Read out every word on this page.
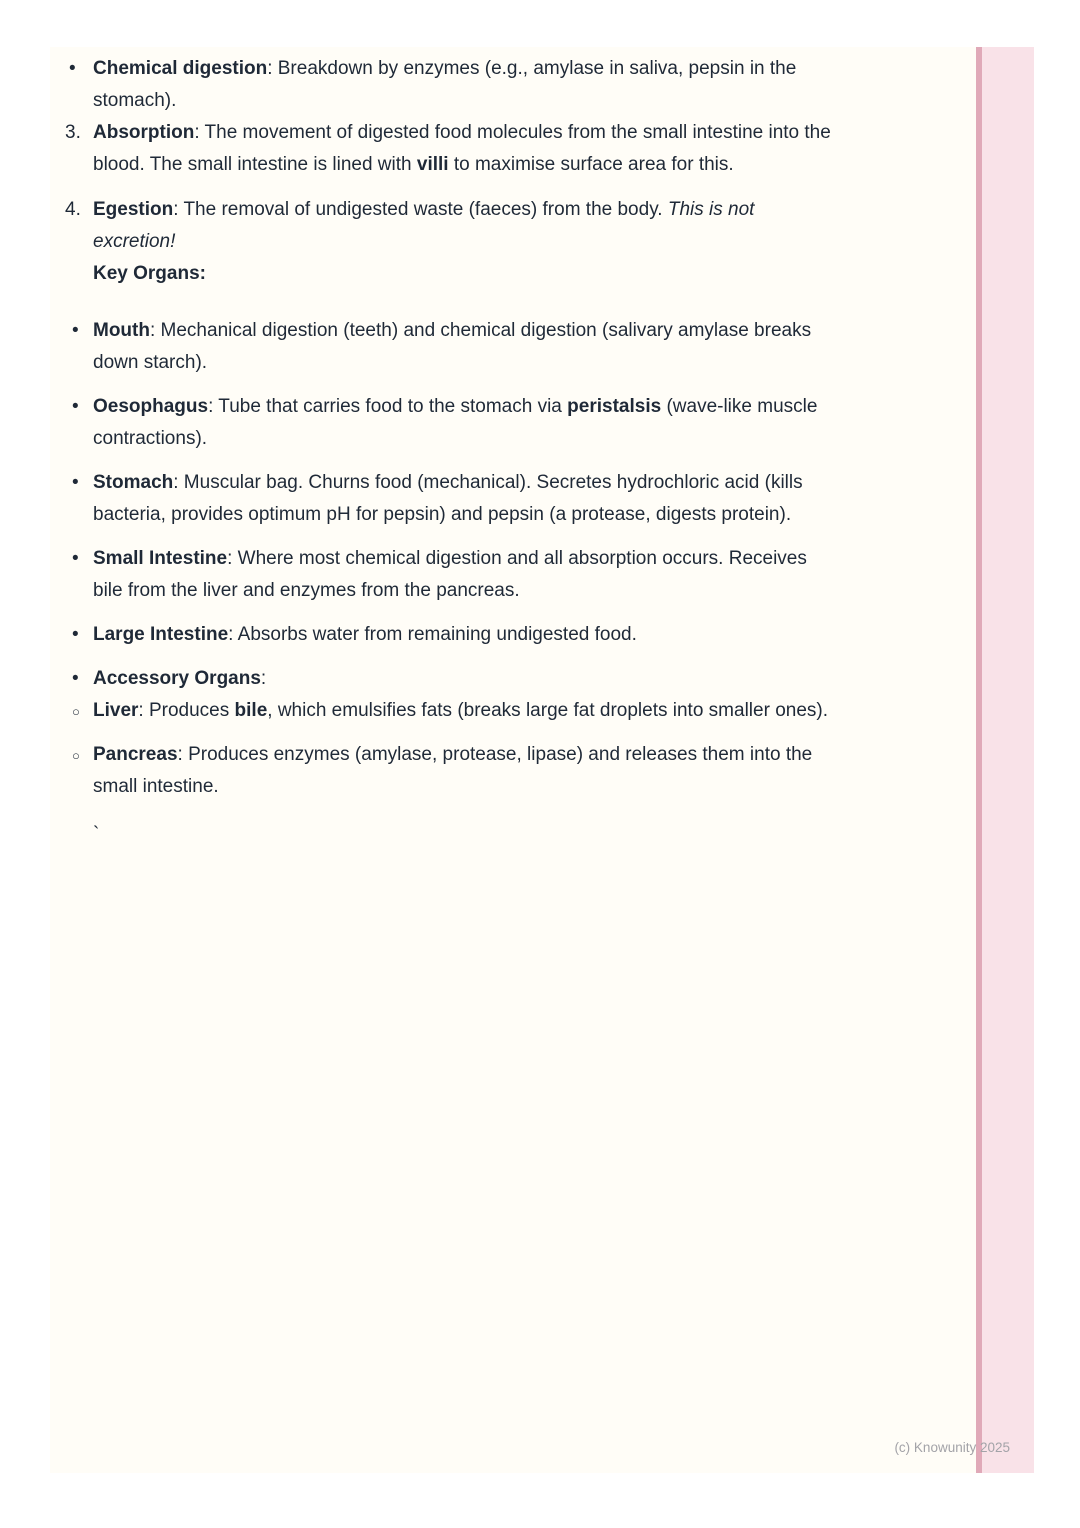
• Chemical digestion: Breakdown by enzymes (e.g., amylase in saliva, pepsin in the stomach).
3. Absorption: The movement of digested food molecules from the small intestine into the blood. The small intestine is lined with villi to maximise surface area for this.
4. Egestion: The removal of undigested waste (faeces) from the body. This is not excretion!
Key Organs:
• Mouth: Mechanical digestion (teeth) and chemical digestion (salivary amylase breaks down starch).
• Oesophagus: Tube that carries food to the stomach via peristalsis (wave-like muscle contractions).
• Stomach: Muscular bag. Churns food (mechanical). Secretes hydrochloric acid (kills bacteria, provides optimum pH for pepsin) and pepsin (a protease, digests protein).
• Small Intestine: Where most chemical digestion and all absorption occurs. Receives bile from the liver and enzymes from the pancreas.
• Large Intestine: Absorbs water from remaining undigested food.
• Accessory Organs:
○ Liver: Produces bile, which emulsifies fats (breaks large fat droplets into smaller ones).
○ Pancreas: Produces enzymes (amylase, protease, lipase) and releases them into the small intestine.
`
(c) Knowunity 2025
